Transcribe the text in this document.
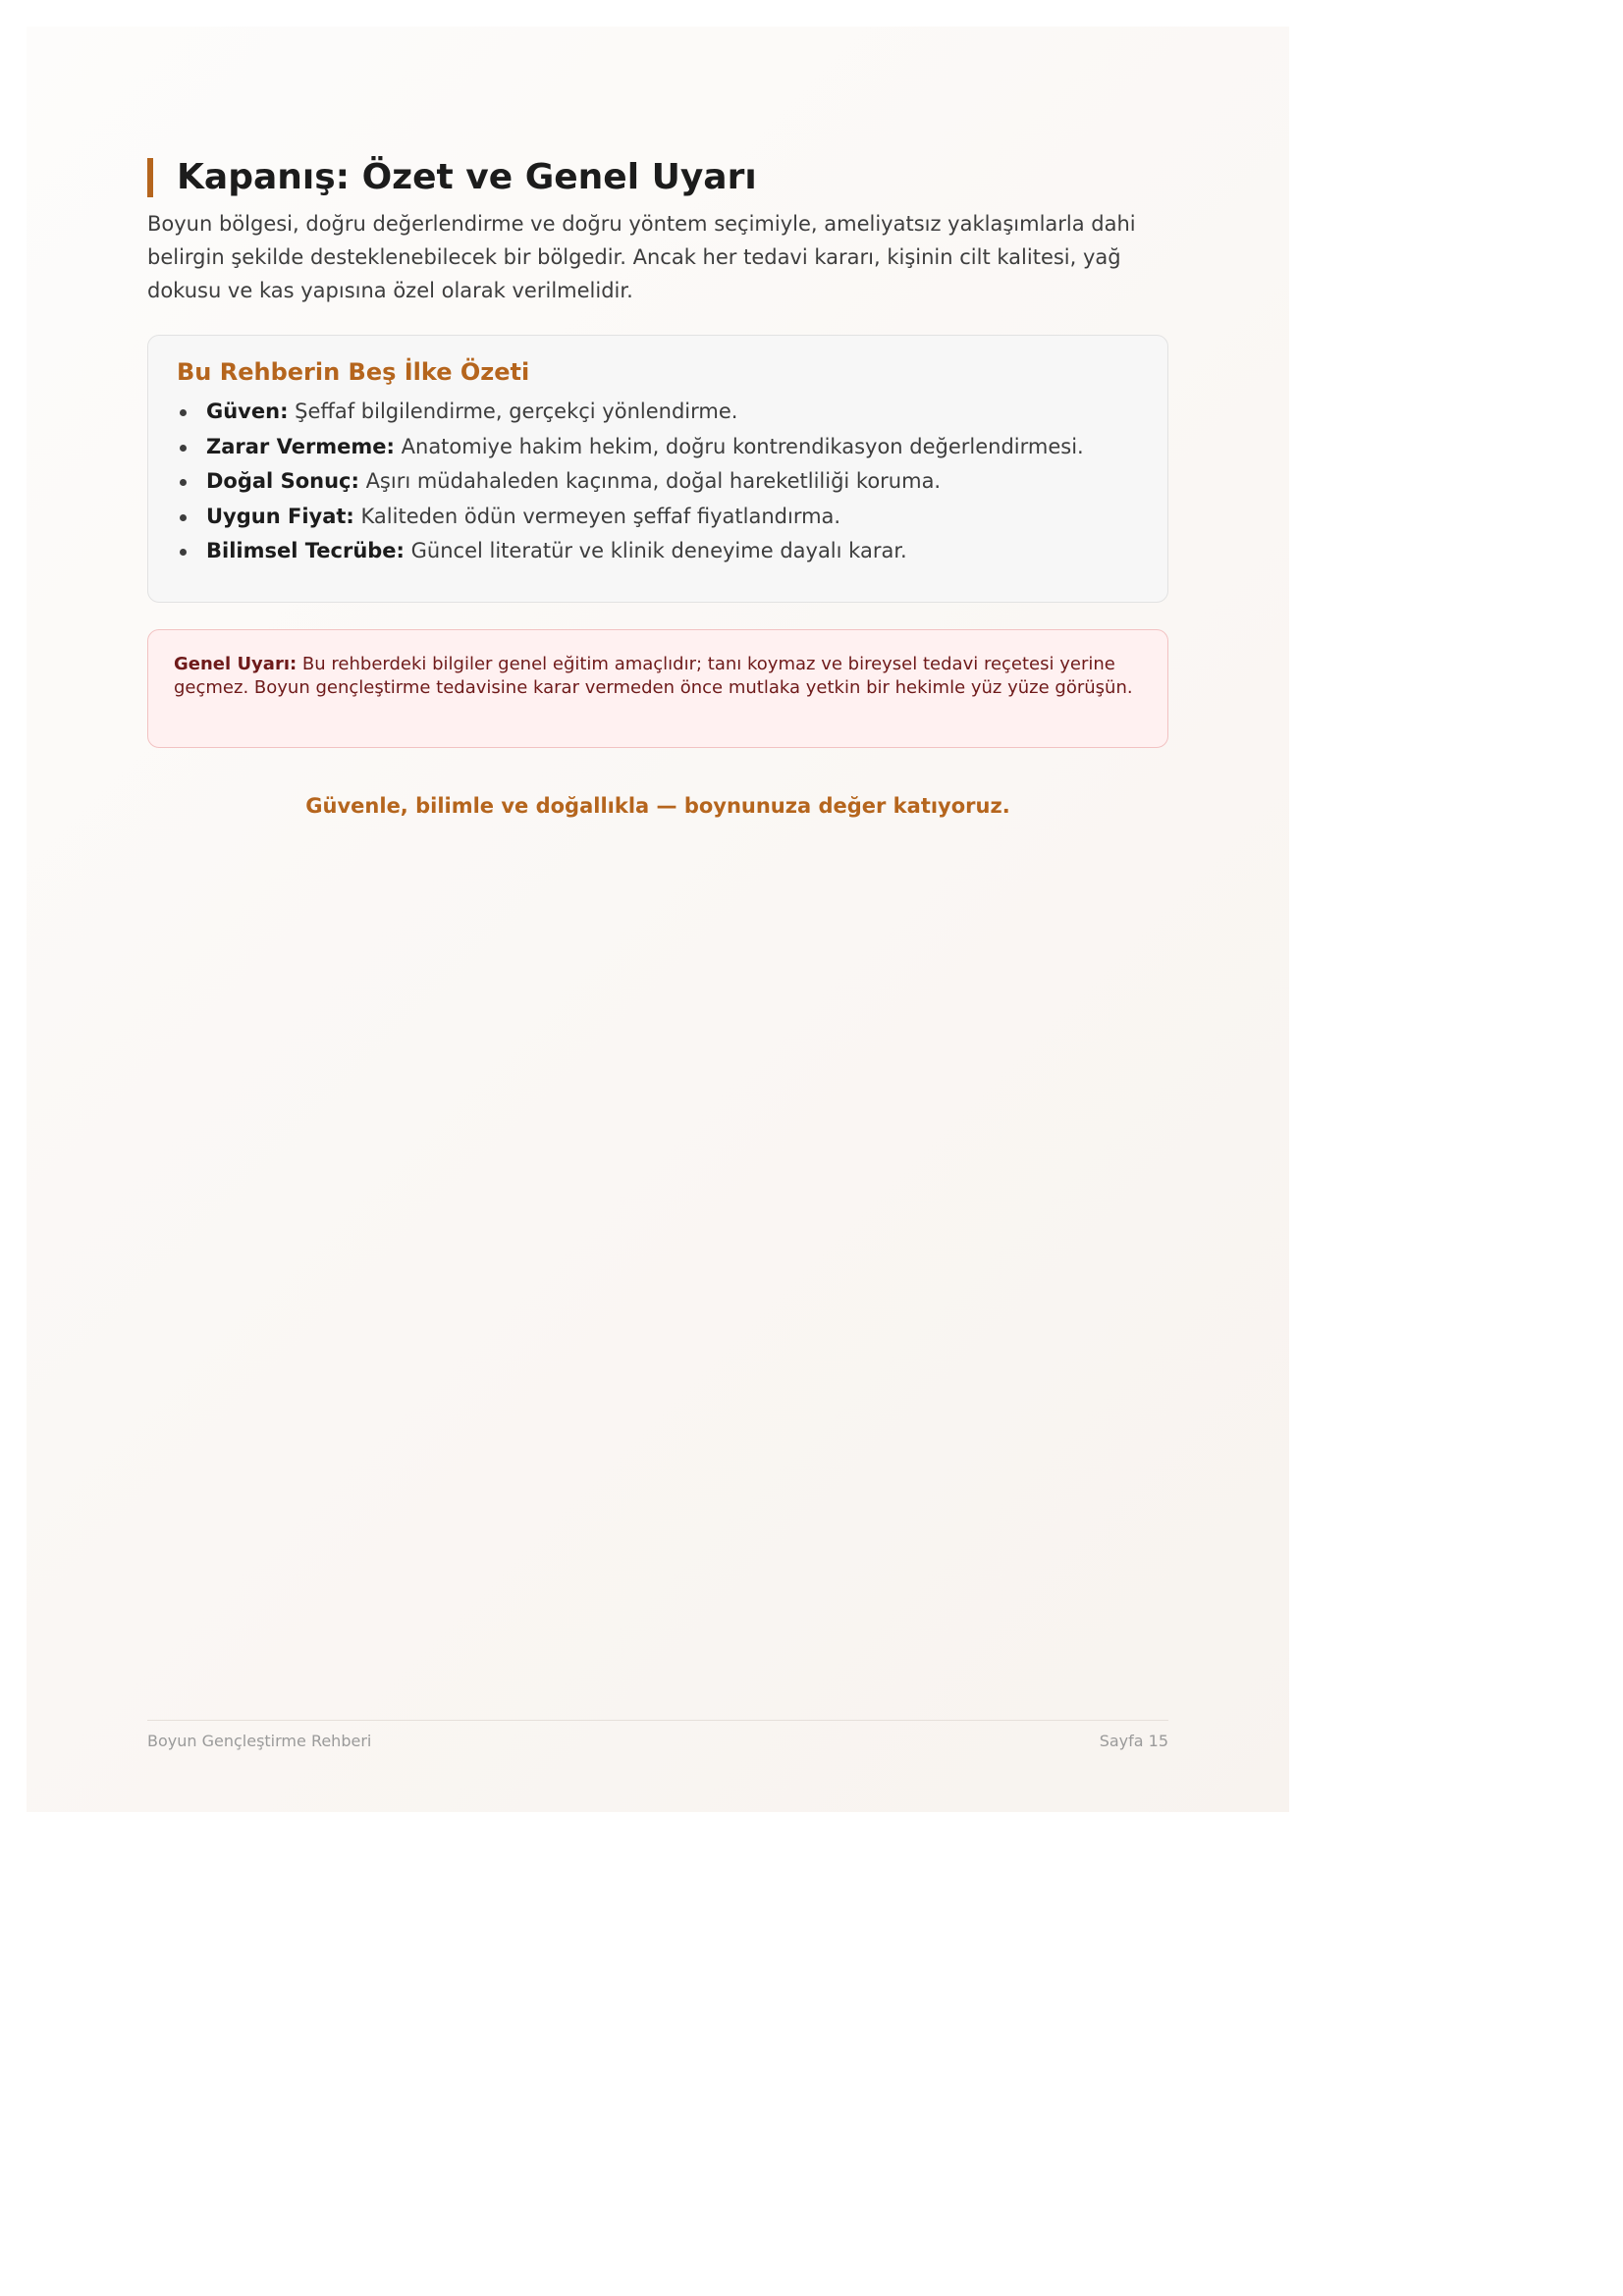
Kapanış: Özet ve Genel Uyarı

Boyun bölgesi, doğru değerlendirme ve doğru yöntem seçimiyle, ameliyatsız yaklaşımlarla dahi belirgin şekilde desteklenebilecek bir bölgedir. Ancak her tedavi kararı, kişinin cilt kalitesi, yağ dokusu ve kas yapısına özel olarak verilmelidir.

Bu Rehberin Beş İlke Özeti
Güven: Şeffaf bilgilendirme, gerçekçi yönlendirme.
Zarar Vermeme: Anatomiye hakim hekim, doğru kontrendikasyon değerlendirmesi.
Doğal Sonuç: Aşırı müdahaleden kaçınma, doğal hareketliliği koruma.
Uygun Fiyat: Kaliteden ödün vermeyen şeffaf fiyatlandırma.
Bilimsel Tecrübe: Güncel literatür ve klinik deneyime dayalı karar.
Genel Uyarı: Bu rehberdeki bilgiler genel eğitim amaçlıdır; tanı koymaz ve bireysel tedavi reçetesi yerine geçmez. Boyun gençleştirme tedavisine karar vermeden önce mutlaka yetkin bir hekimle yüz yüze görüşün.
Güvenle, bilimle ve doğallıkla — boynunuza değer katıyoruz.
Boyun Gençleştirme Rehberi	Sayfa 15
